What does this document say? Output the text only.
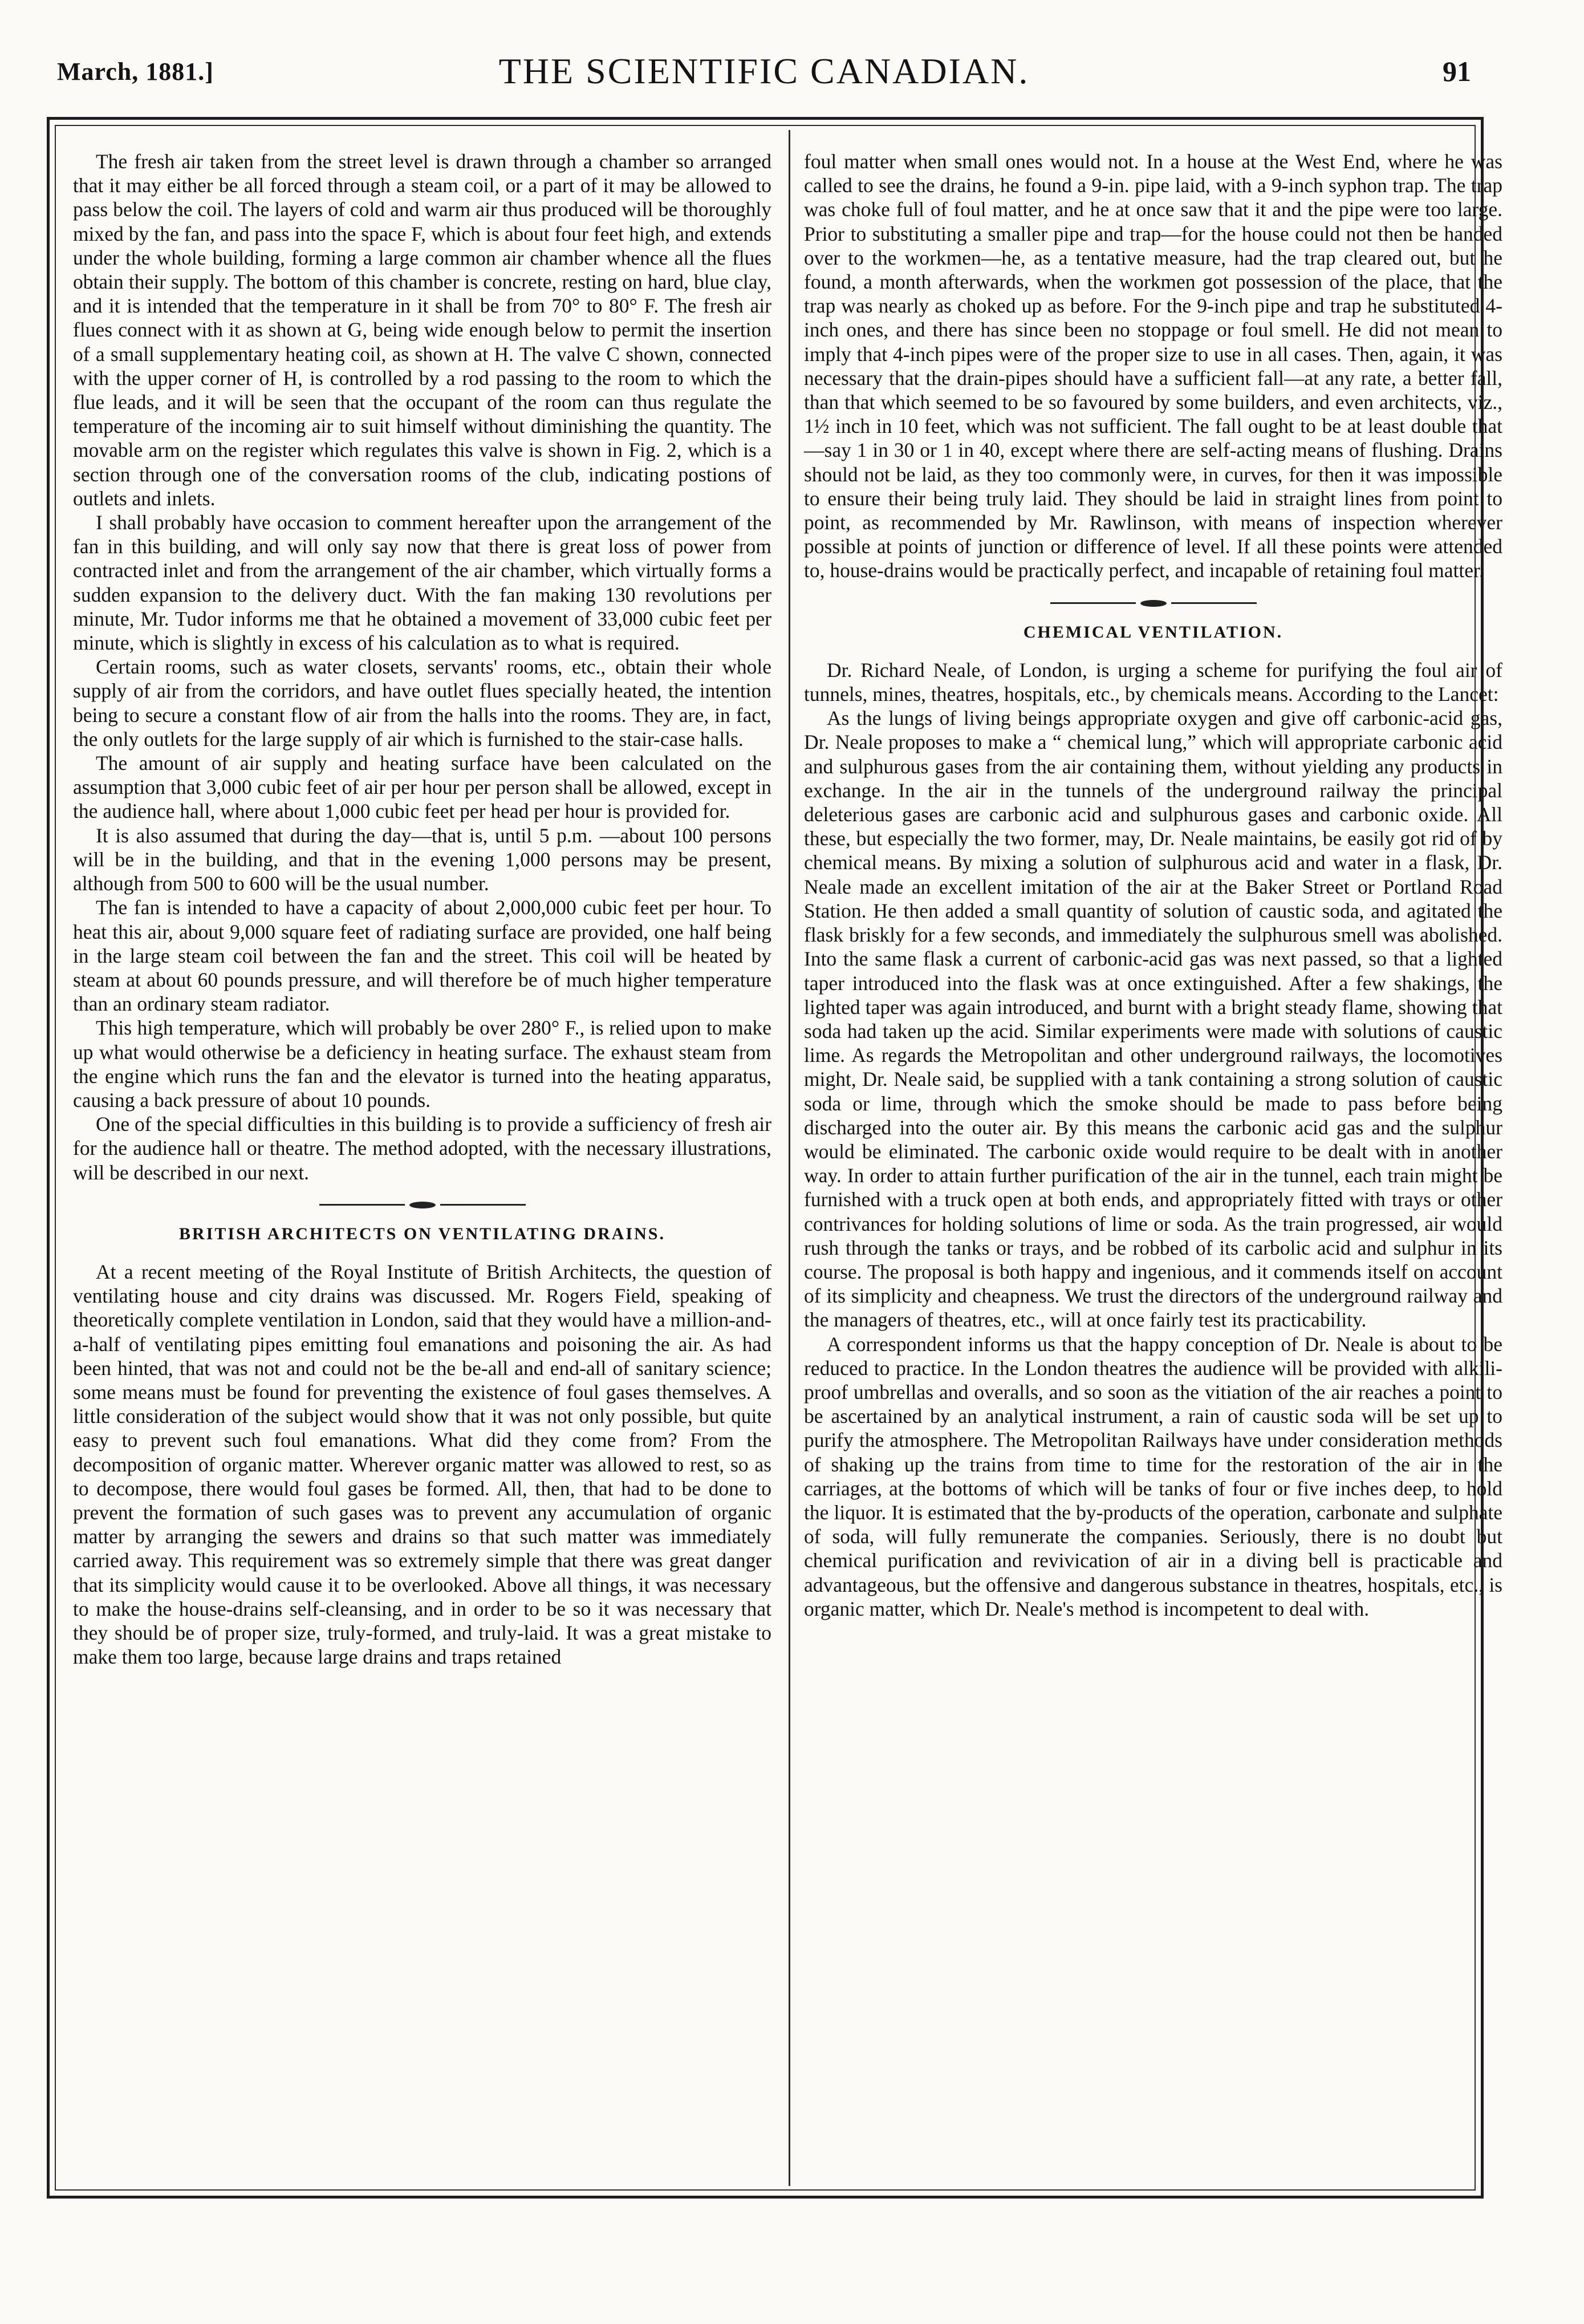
March, 1881.]	THE SCIENTIFIC CANADIAN.	91

The fresh air taken from the street level is drawn through a chamber so arranged that it may either be all forced through a steam coil, or a part of it may be allowed to pass below the coil. The layers of cold and warm air thus produced will be thoroughly mixed by the fan, and pass into the space F, which is about four feet high, and extends under the whole building, forming a large common air chamber whence all the flues obtain their supply. The bottom of this chamber is concrete, resting on hard, blue clay, and it is intended that the temperature in it shall be from 70° to 80° F. The fresh air flues connect with it as shown at G, being wide enough below to permit the insertion of a small supplementary heating coil, as shown at H. The valve C shown, connected with the upper corner of H, is controlled by a rod passing to the room to which the flue leads, and it will be seen that the occupant of the room can thus regulate the temperature of the incoming air to suit himself without diminishing the quantity. The movable arm on the register which regulates this valve is shown in Fig. 2, which is a section through one of the conversation rooms of the club, indicating postions of outlets and inlets.

I shall probably have occasion to comment hereafter upon the arrangement of the fan in this building, and will only say now that there is great loss of power from contracted inlet and from the arrangement of the air chamber, which virtually forms a sudden expansion to the delivery duct. With the fan making 130 revolutions per minute, Mr. Tudor informs me that he obtained a movement of 33,000 cubic feet per minute, which is slightly in excess of his calculation as to what is required.

Certain rooms, such as water closets, servants' rooms, etc., obtain their whole supply of air from the corridors, and have outlet flues specially heated, the intention being to secure a constant flow of air from the halls into the rooms. They are, in fact, the only outlets for the large supply of air which is furnished to the stair-case halls.

The amount of air supply and heating surface have been calculated on the assumption that 3,000 cubic feet of air per hour per person shall be allowed, except in the audience hall, where about 1,000 cubic feet per head per hour is provided for.

It is also assumed that during the day—that is, until 5 p.m. —about 100 persons will be in the building, and that in the evening 1,000 persons may be present, although from 500 to 600 will be the usual number.

The fan is intended to have a capacity of about 2,000,000 cubic feet per hour. To heat this air, about 9,000 square feet of radiating surface are provided, one half being in the large steam coil between the fan and the street. This coil will be heated by steam at about 60 pounds pressure, and will therefore be of much higher temperature than an ordinary steam radiator.

This high temperature, which will probably be over 280° F., is relied upon to make up what would otherwise be a deficiency in heating surface. The exhaust steam from the engine which runs the fan and the elevator is turned into the heating apparatus, causing a back pressure of about 10 pounds.

One of the special difficulties in this building is to provide a sufficiency of fresh air for the audience hall or theatre. The method adopted, with the necessary illustrations, will be described in our next.

BRITISH ARCHITECTS ON VENTILATING DRAINS.

At a recent meeting of the Royal Institute of British Architects, the question of ventilating house and city drains was discussed. Mr. Rogers Field, speaking of theoretically complete ventilation in London, said that they would have a million-and-a-half of ventilating pipes emitting foul emanations and poisoning the air. As had been hinted, that was not and could not be the be-all and end-all of sanitary science; some means must be found for preventing the existence of foul gases themselves. A little consideration of the subject would show that it was not only possible, but quite easy to prevent such foul emanations. What did they come from? From the decomposition of organic matter. Wherever organic matter was allowed to rest, so as to decompose, there would foul gases be formed. All, then, that had to be done to prevent the formation of such gases was to prevent any accumulation of organic matter by arranging the sewers and drains so that such matter was immediately carried away. This requirement was so extremely simple that there was great danger that its simplicity would cause it to be overlooked. Above all things, it was necessary to make the house-drains self-cleansing, and in order to be so it was necessary that they should be of proper size, truly-formed, and truly-laid. It was a great mistake to make them too large, because large drains and traps retained

foul matter when small ones would not. In a house at the West End, where he was called to see the drains, he found a 9-in. pipe laid, with a 9-inch syphon trap. The trap was choke full of foul matter, and he at once saw that it and the pipe were too large. Prior to substituting a smaller pipe and trap—for the house could not then be handed over to the workmen—he, as a tentative measure, had the trap cleared out, but he found, a month afterwards, when the workmen got possession of the place, that the trap was nearly as choked up as before. For the 9-inch pipe and trap he substituted 4-inch ones, and there has since been no stoppage or foul smell. He did not mean to imply that 4-inch pipes were of the proper size to use in all cases. Then, again, it was necessary that the drain-pipes should have a sufficient fall—at any rate, a better fall, than that which seemed to be so favoured by some builders, and even architects, viz., 1½ inch in 10 feet, which was not sufficient. The fall ought to be at least double that—say 1 in 30 or 1 in 40, except where there are self-acting means of flushing. Drains should not be laid, as they too commonly were, in curves, for then it was impossible to ensure their being truly laid. They should be laid in straight lines from point to point, as recommended by Mr. Rawlinson, with means of inspection wherever possible at points of junction or difference of level. If all these points were attended to, house-drains would be practically perfect, and incapable of retaining foul matter.

CHEMICAL VENTILATION.

Dr. Richard Neale, of London, is urging a scheme for purifying the foul air of tunnels, mines, theatres, hospitals, etc., by chemicals means. According to the Lancet:

As the lungs of living beings appropriate oxygen and give off carbonic-acid gas, Dr. Neale proposes to make a “ chemical lung,” which will appropriate carbonic acid and sulphurous gases from the air containing them, without yielding any products in exchange. In the air in the tunnels of the underground railway the principal deleterious gases are carbonic acid and sulphurous gases and carbonic oxide. All these, but especially the two former, may, Dr. Neale maintains, be easily got rid of by chemical means. By mixing a solution of sulphurous acid and water in a flask, Dr. Neale made an excellent imitation of the air at the Baker Street or Portland Road Station. He then added a small quantity of solution of caustic soda, and agitated the flask briskly for a few seconds, and immediately the sulphurous smell was abolished. Into the same flask a current of carbonic-acid gas was next passed, so that a lighted taper introduced into the flask was at once extinguished. After a few shakings, the lighted taper was again introduced, and burnt with a bright steady flame, showing that soda had taken up the acid. Similar experiments were made with solutions of caustic lime. As regards the Metropolitan and other underground railways, the locomotives might, Dr. Neale said, be supplied with a tank containing a strong solution of caustic soda or lime, through which the smoke should be made to pass before being discharged into the outer air. By this means the carbonic acid gas and the sulphur would be eliminated. The carbonic oxide would require to be dealt with in another way. In order to attain further purification of the air in the tunnel, each train might be furnished with a truck open at both ends, and appropriately fitted with trays or other contrivances for holding solutions of lime or soda. As the train progressed, air would rush through the tanks or trays, and be robbed of its carbolic acid and sulphur in its course. The proposal is both happy and ingenious, and it commends itself on account of its simplicity and cheapness. We trust the directors of the underground railway and the managers of theatres, etc., will at once fairly test its practicability.

A correspondent informs us that the happy conception of Dr. Neale is about to be reduced to practice. In the London theatres the audience will be provided with alkili-proof umbrellas and overalls, and so soon as the vitiation of the air reaches a point to be ascertained by an analytical instrument, a rain of caustic soda will be set up to purify the atmosphere. The Metropolitan Railways have under consideration methods of shaking up the trains from time to time for the restoration of the air in the carriages, at the bottoms of which will be tanks of four or five inches deep, to hold the liquor. It is estimated that the by-products of the operation, carbonate and sulphate of soda, will fully remunerate the companies. Seriously, there is no doubt but chemical purification and revivication of air in a diving bell is practicable and advantageous, but the offensive and dangerous substance in theatres, hospitals, etc., is organic matter, which Dr. Neale's method is incompetent to deal with.
